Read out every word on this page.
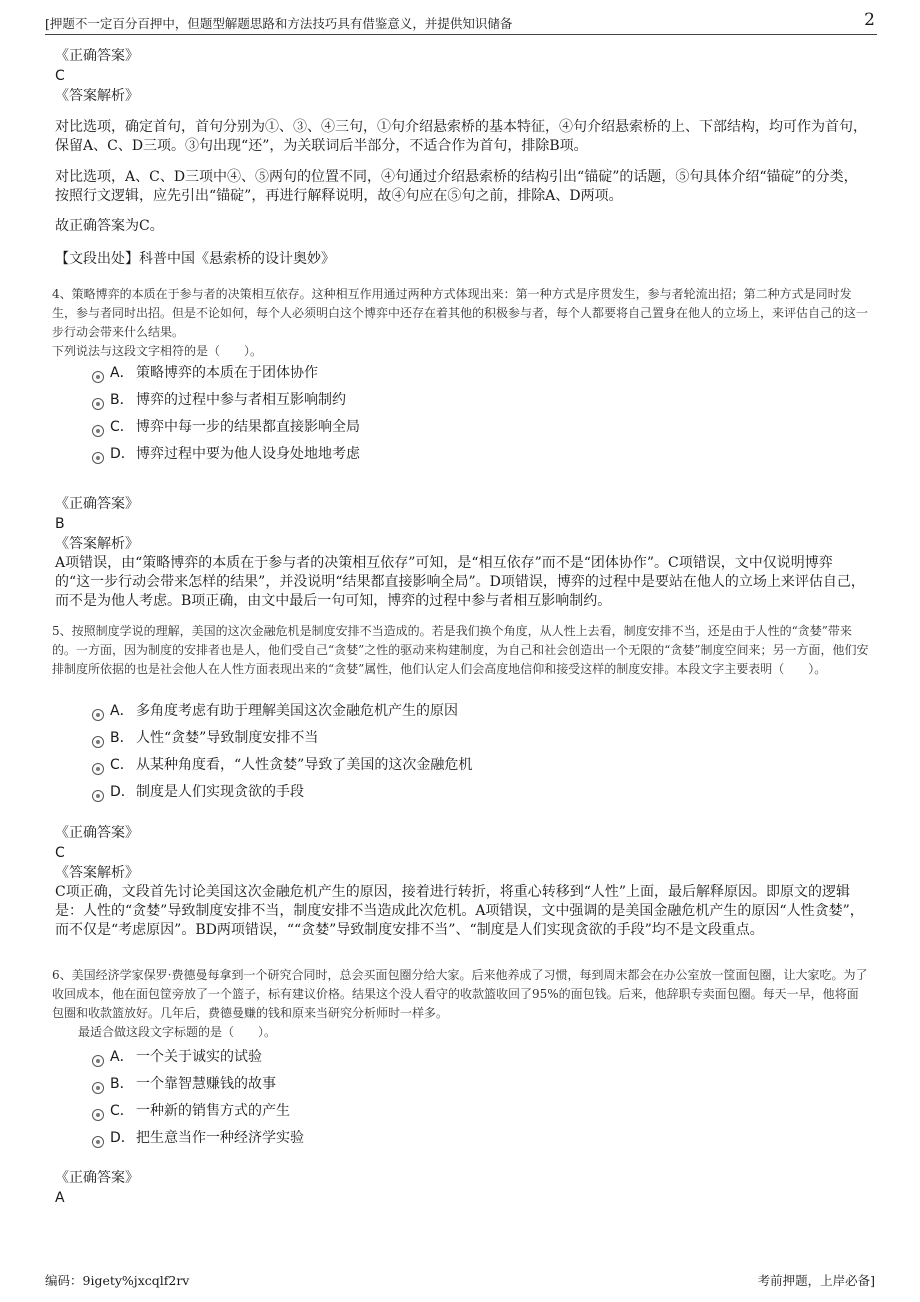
[押题不一定百分百押中，但题型解题思路和方法技巧具有借鉴意义，并提供知识储备	2
《正确答案》
C
《答案解析》

对比选项，确定首句，首句分别为①、③、④三句，①句介绍悬索桥的基本特征，④句介绍悬索桥的上、下部结构，均可作为首句，保留A、C、D三项。③句出现“还”，为关联词后半部分，不适合作为首句，排除B项。

对比选项，A、C、D三项中④、⑤两句的位置不同，④句通过介绍悬索桥的结构引出“锚碇”的话题，⑤句具体介绍“锚碇”的分类，按照行文逻辑，应先引出“锚碇”，再进行解释说明，故④句应在⑤句之前，排除A、D两项。

故正确答案为C。

【文段出处】科普中国《悬索桥的设计奥妙》

4、策略博弈的本质在于参与者的决策相互依存。这种相互作用通过两种方式体现出来：第一种方式是序贯发生，参与者轮流出招；第二种方式是同时发生，参与者同时出招。但是不论如何，每个人必须明白这个博弈中还存在着其他的积极参与者，每个人都要将自己置身在他人的立场上，来评估自己的这一步行动会带来什么结果。
下列说法与这段文字相符的是（　　）。
A． 策略博弈的本质在于团体协作
B． 博弈的过程中参与者相互影响制约
C． 博弈中每一步的结果都直接影响全局
D． 博弈过程中要为他人设身处地地考虑
《正确答案》
B
《答案解析》

A项错误，由“策略博弈的本质在于参与者的决策相互依存”可知，是“相互依存”而不是“团体协作”。C项错误，文中仅说明博弈的“这一步行动会带来怎样的结果”，并没说明“结果都直接影响全局”。D项错误，博弈的过程中是要站在他人的立场上来评估自己，而不是为他人考虑。B项正确，由文中最后一句可知，博弈的过程中参与者相互影响制约。

5、按照制度学说的理解，美国的这次金融危机是制度安排不当造成的。若是我们换个角度，从人性上去看，制度安排不当，还是由于人性的“贪婪”带来的。一方面，因为制度的安排者也是人，他们受自己“贪婪”之性的驱动来构建制度，为自己和社会创造出一个无限的“贪婪”制度空间来；另一方面，他们安排制度所依据的也是社会他人在人性方面表现出来的“贪婪”属性，他们认定人们会高度地信仰和接受这样的制度安排。本段文字主要表明（　　）。
A． 多角度考虑有助于理解美国这次金融危机产生的原因
B． 人性“贪婪”导致制度安排不当
C． 从某种角度看，“人性贪婪”导致了美国的这次金融危机
D． 制度是人们实现贪欲的手段
《正确答案》
C
《答案解析》

C项正确，文段首先讨论美国这次金融危机产生的原因，接着进行转折，将重心转移到“人性”上面，最后解释原因。即原文的逻辑是：人性的“贪婪”导致制度安排不当，制度安排不当造成此次危机。A项错误，文中强调的是美国金融危机产生的原因“人性贪婪”，而不仅是“考虑原因”。BD两项错误，““贪婪”导致制度安排不当”、“制度是人们实现贪欲的手段”均不是文段重点。

6、美国经济学家保罗·费德曼每拿到一个研究合同时，总会买面包圈分给大家。后来他养成了习惯，每到周末都会在办公室放一筐面包圈，让大家吃。为了收回成本，他在面包筐旁放了一个篮子，标有建议价格。结果这个没人看守的收款篮收回了95%的面包钱。后来，他辞职专卖面包圈。每天一早，他将面包圈和收款篮放好。几年后，费德曼赚的钱和原来当研究分析师时一样多。
最适合做这段文字标题的是（　　）。
A． 一个关于诚实的试验
B． 一个靠智慧赚钱的故事
C． 一种新的销售方式的产生
D． 把生意当作一种经济学实验
《正确答案》
A
编码：9igety%jxcqlf2rv	考前押题，上岸必备]
